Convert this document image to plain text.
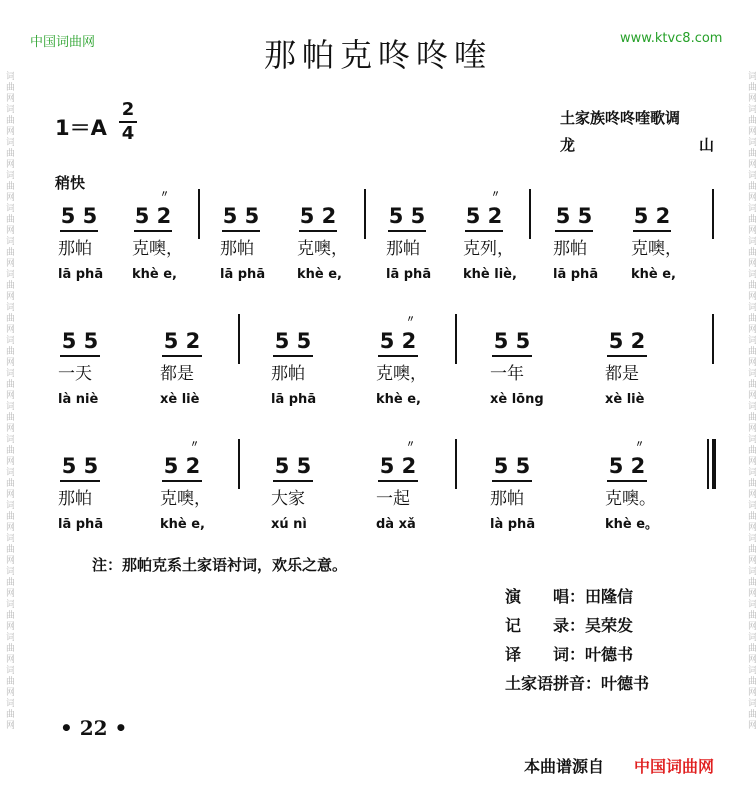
词曲网词曲网词曲网词曲网词曲网词曲网词曲网词曲网词曲网词曲网词曲网词曲网词曲网词曲网词曲网词曲网词曲网词曲网词曲网词曲网	词曲网词曲网词曲网词曲网词曲网词曲网词曲网词曲网词曲网词曲网词曲网词曲网词曲网词曲网词曲网词曲网词曲网词曲网词曲网词曲网
中国词曲网	www.ktvc8.com
那帕克咚咚喹
1＝A
2
4
土家族咚咚喹歌调
龙	山
稍快
5 5
那帕
lā phā
5 2
〃
克噢，
khè e,
5 5
那帕
lā phā
5 2
克噢，
khè e,
5 5
那帕
lā phā
5 2
〃
克列，
khè liè,
5 5
那帕
lā phā
5 2
克噢，
khè e,
5 5
一天
là niè
5 2
都是
xè liè
5 5
那帕
lā phā
5 2
〃
克噢，
khè e,
5 5
一年
xè lōng
5 2
都是
xè liè
5 5
那帕
lā phā
5 2
〃
克噢，
khè e,
5 5
大家
xú nì
5 2
〃
一起
dà xǎ
5 5
那帕
là phā
5 2
〃
克噢。
khè e。
注：那帕克系土家语衬词，欢乐之意。
演　　唱：田隆信
记　　录：吴荣发
译　　词：叶德书
土家语拼音：叶德书
• 22 •
本曲谱源自 中国词曲网
